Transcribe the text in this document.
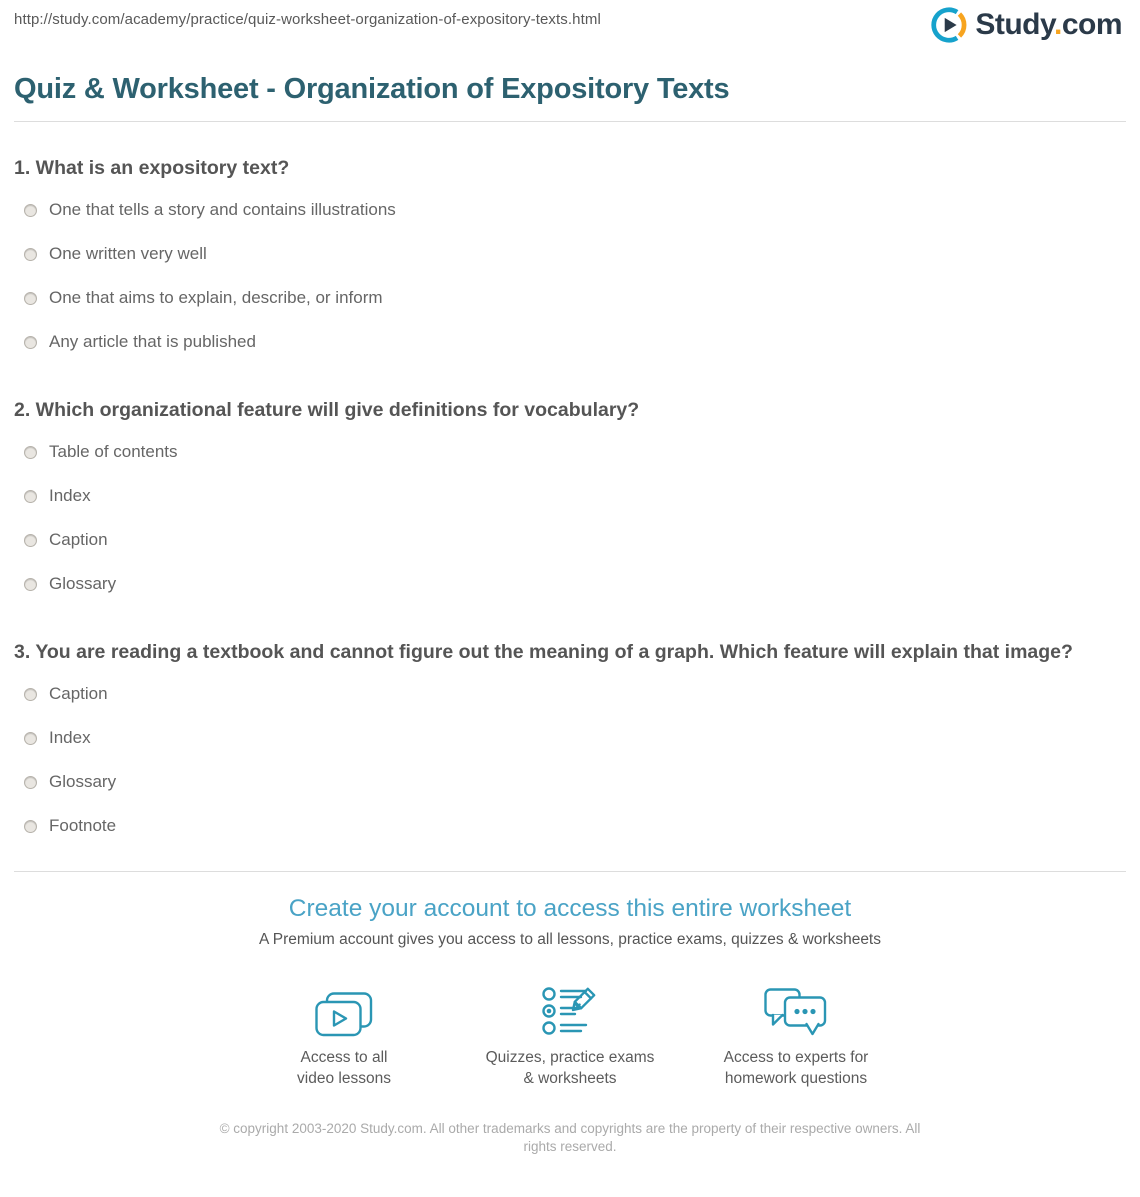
http://study.com/academy/practice/quiz-worksheet-organization-of-expository-texts.html	Study.com
Quiz & Worksheet - Organization of Expository Texts
1. What is an expository text?
One that tells a story and contains illustrations
One written very well
One that aims to explain, describe, or inform
Any article that is published
2. Which organizational feature will give definitions for vocabulary?
Table of contents
Index
Caption
Glossary
3. You are reading a textbook and cannot figure out the meaning of a graph. Which feature will explain that image?
Caption
Index
Glossary
Footnote
Create your account to access this entire worksheet

A Premium account gives you access to all lessons, practice exams, quizzes & worksheets

Access to all
video lessons
Quizzes, practice exams
& worksheets
Access to experts for
homework questions

© copyright 2003-2020 Study.com. All other trademarks and copyrights are the property of their respective owners. All rights reserved.
